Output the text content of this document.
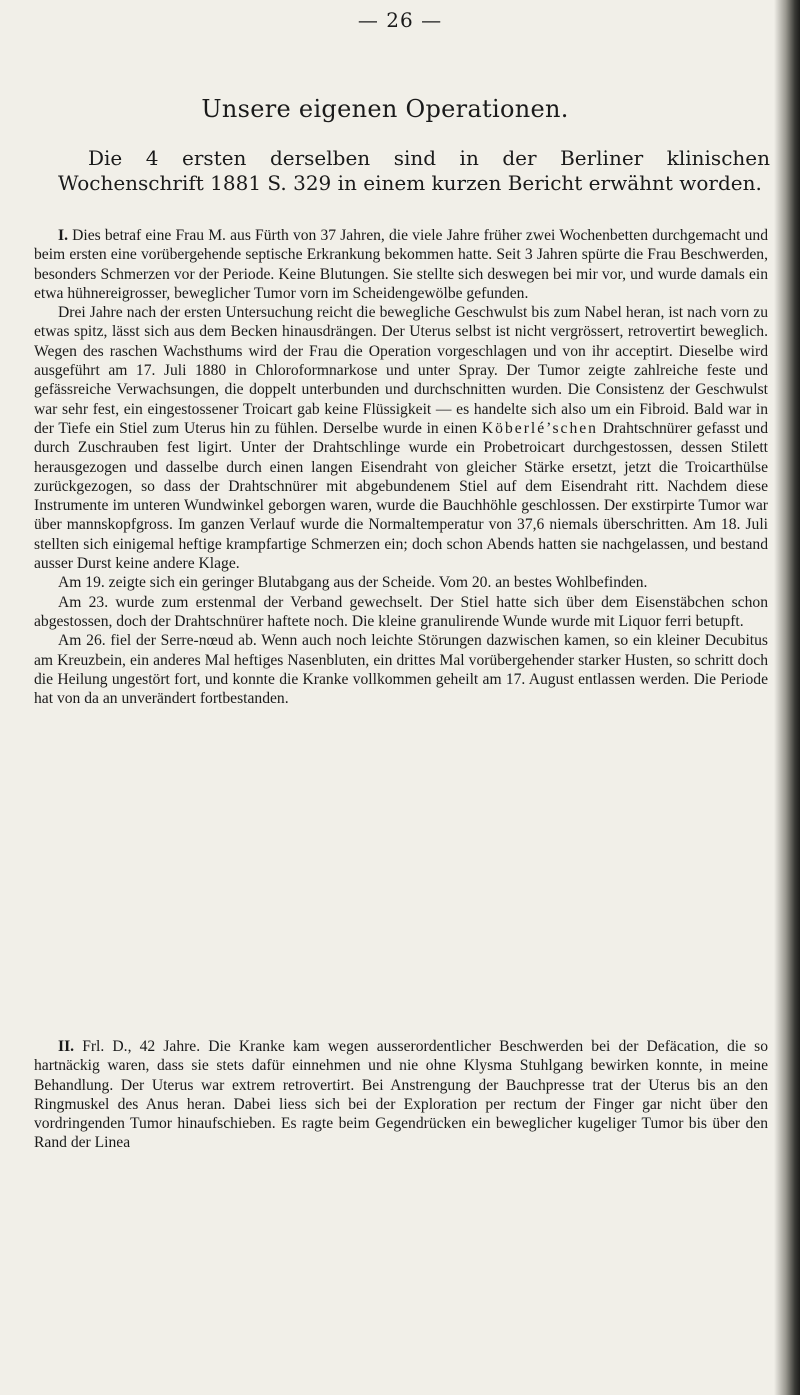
— 26 —
Unsere eigenen Operationen.

Die 4 ersten derselben sind in der Berliner klinischen Wochenschrift 1881 S. 329 in einem kurzen Bericht erwähnt worden.

I. Dies betraf eine Frau M. aus Fürth von 37 Jahren, die viele Jahre früher zwei Wochenbetten durchgemacht und beim ersten eine vorübergehende septische Erkrankung bekommen hatte. Seit 3 Jahren spürte die Frau Beschwerden, besonders Schmerzen vor der Periode. Keine Blutungen. Sie stellte sich deswegen bei mir vor, und wurde damals ein etwa hühnereigrosser, beweglicher Tumor vorn im Scheidengewölbe gefunden.

Drei Jahre nach der ersten Untersuchung reicht die bewegliche Geschwulst bis zum Nabel heran, ist nach vorn zu etwas spitz, lässt sich aus dem Becken hinausdrängen. Der Uterus selbst ist nicht vergrössert, retrovertirt beweglich. Wegen des raschen Wachsthums wird der Frau die Operation vorgeschlagen und von ihr acceptirt. Dieselbe wird ausgeführt am 17. Juli 1880 in Chloroformnarkose und unter Spray. Der Tumor zeigte zahlreiche feste und gefässreiche Verwachsungen, die doppelt unterbunden und durchschnitten wurden. Die Consistenz der Geschwulst war sehr fest, ein eingestossener Troicart gab keine Flüssigkeit — es handelte sich also um ein Fibroid. Bald war in der Tiefe ein Stiel zum Uterus hin zu fühlen. Derselbe wurde in einen Köberlé’schen Drahtschnürer gefasst und durch Zuschrauben fest ligirt. Unter der Drahtschlinge wurde ein Probetroicart durchgestossen, dessen Stilett herausgezogen und dasselbe durch einen langen Eisendraht von gleicher Stärke ersetzt, jetzt die Troicarthülse zurückgezogen, so dass der Drahtschnürer mit abgebundenem Stiel auf dem Eisendraht ritt. Nachdem diese Instrumente im unteren Wundwinkel geborgen waren, wurde die Bauchhöhle geschlossen. Der exstirpirte Tumor war über mannskopfgross. Im ganzen Verlauf wurde die Normaltemperatur von 37,6 niemals überschritten. Am 18. Juli stellten sich einigemal heftige krampfartige Schmerzen ein; doch schon Abends hatten sie nachgelassen, und bestand ausser Durst keine andere Klage.

Am 19. zeigte sich ein geringer Blutabgang aus der Scheide. Vom 20. an bestes Wohlbefinden.

Am 23. wurde zum erstenmal der Verband gewechselt. Der Stiel hatte sich über dem Eisenstäbchen schon abgestossen, doch der Drahtschnürer haftete noch. Die kleine granulirende Wunde wurde mit Liquor ferri betupft.

Am 26. fiel der Serre-nœud ab. Wenn auch noch leichte Störungen dazwischen kamen, so ein kleiner Decubitus am Kreuzbein, ein anderes Mal heftiges Nasenbluten, ein drittes Mal vorübergehender starker Husten, so schritt doch die Heilung ungestört fort, und konnte die Kranke vollkommen geheilt am 17. August entlassen werden. Die Periode hat von da an unverändert fortbestanden.

II. Frl. D., 42 Jahre. Die Kranke kam wegen ausserordentlicher Beschwerden bei der Defäcation, die so hartnäckig waren, dass sie stets dafür einnehmen und nie ohne Klysma Stuhlgang bewirken konnte, in meine Behandlung. Der Uterus war extrem retrovertirt. Bei Anstrengung der Bauchpresse trat der Uterus bis an den Ringmuskel des Anus heran. Dabei liess sich bei der Exploration per rectum der Finger gar nicht über den vordringenden Tumor hinaufschieben. Es ragte beim Gegendrücken ein beweglicher kugeliger Tumor bis über den Rand der Linea
